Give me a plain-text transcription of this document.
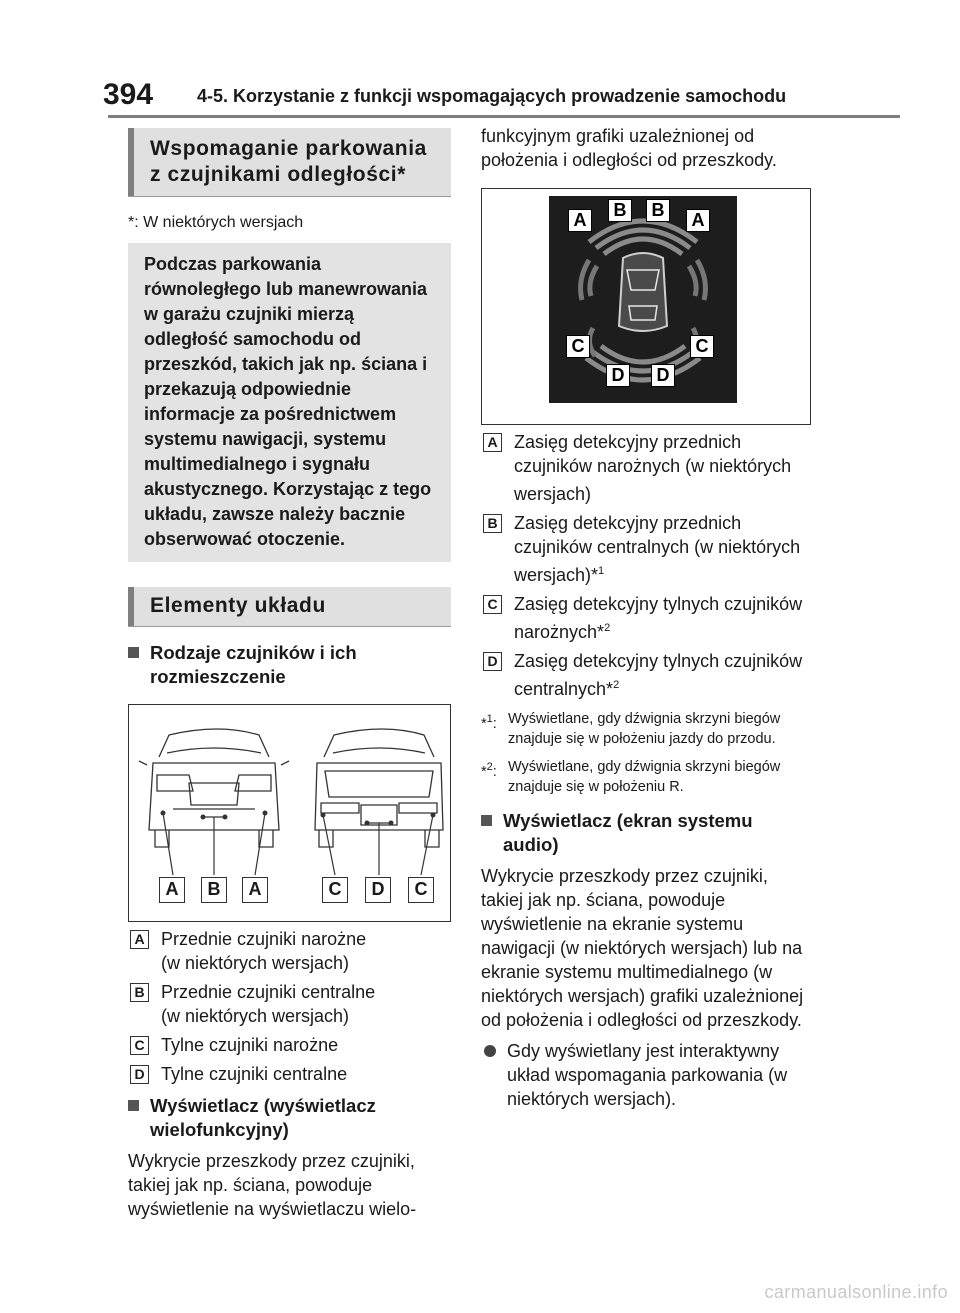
394 4-5. Korzystanie z funkcji wspomagających prowadzenie samochodu
Wspomaganie parkowania z czujnikami odległości*
*: W niektórych wersjach
Podczas parkowania równoległego lub manewrowania w garażu czujniki mierzą odległość samochodu od przeszkód, takich jak np. ściana i przekazują odpowiednie informacje za pośrednictwem systemu nawigacji, systemu multimedialnego i sygnału akustycznego. Korzystając z tego układu, zawsze należy bacznie obserwować otoczenie.
Elementy układu
Rodzaje czujników i ich rozmieszczenie
A	B	A	C	D	C
A Przednie czujniki narożne
(w niektórych wersjach)
B Przednie czujniki centralne
(w niektórych wersjach)
C Tylne czujniki narożne
D Tylne czujniki centralne
Wyświetlacz (wyświetlacz wielofunkcyjny)
Wykrycie przeszkody przez czujniki, takiej jak np. ściana, powoduje wyświetlenie na wyświetlaczu wielo-
funkcyjnym grafiki uzależnionej od położenia i odległości od przeszkody.
A	B	B	A
C	C
D	D
A Zasięg detekcyjny przednich czujników narożnych (w niektórych wersjach)
B Zasięg detekcyjny przednich czujników centralnych (w niektórych wersjach)*$^1$
C Zasięg detekcyjny tylnych czujników narożnych*$^2$
D Zasięg detekcyjny tylnych czujników centralnych*$^2$
*$^1$: Wyświetlane, gdy dźwignia skrzyni biegów znajduje się w położeniu jazdy do przodu.
*$^2$: Wyświetlane, gdy dźwignia skrzyni biegów znajduje się w położeniu R.
Wyświetlacz (ekran systemu audio)
Wykrycie przeszkody przez czujniki, takiej jak np. ściana, powoduje wyświetlenie na ekranie systemu nawigacji (w niektórych wersjach) lub na ekranie systemu multimedialnego (w niektórych wersjach) grafiki uzależnionej od położenia i odległości od przeszkody.
Gdy wyświetlany jest interaktywny układ wspomagania parkowania (w niektórych wersjach).
carmanualsonline.info
